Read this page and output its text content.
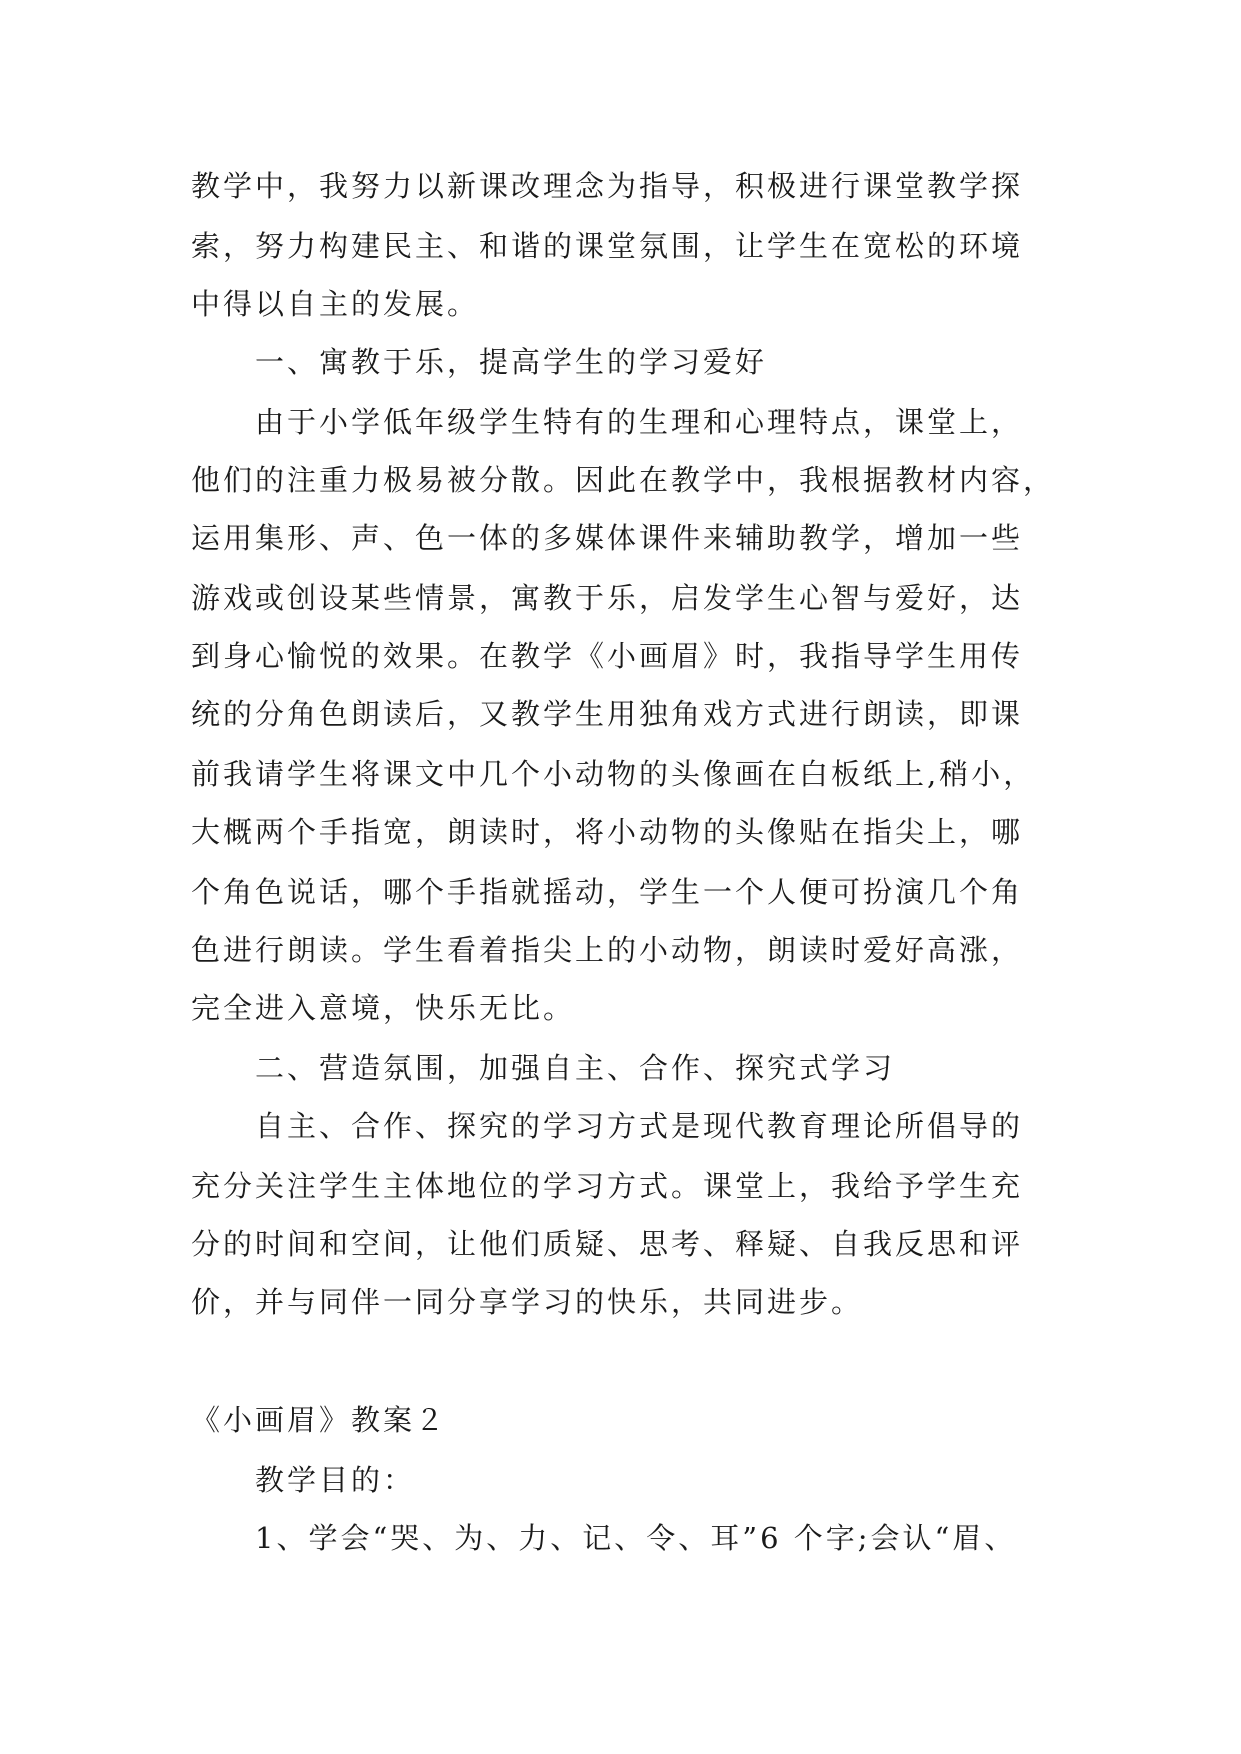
教学中，我努力以新课改理念为指导，积极进行课堂教学探
索，努力构建民主、和谐的课堂氛围，让学生在宽松的环境
中得以自主的发展。
一、寓教于乐，提高学生的学习爱好
由于小学低年级学生特有的生理和心理特点，课堂上，
他们的注重力极易被分散。因此在教学中，我根据教材内容，
运用集形、声、色一体的多媒体课件来辅助教学，增加一些
游戏或创设某些情景，寓教于乐，启发学生心智与爱好，达
到身心愉悦的效果。在教学《小画眉》时，我指导学生用传
统的分角色朗读后，又教学生用独角戏方式进行朗读，即课
前我请学生将课文中几个小动物的头像画在白板纸上,稍小，
大概两个手指宽，朗读时，将小动物的头像贴在指尖上，哪
个角色说话，哪个手指就摇动，学生一个人便可扮演几个角
色进行朗读。学生看着指尖上的小动物，朗读时爱好高涨，
完全进入意境，快乐无比。
二、营造氛围，加强自主、合作、探究式学习
自主、合作、探究的学习方式是现代教育理论所倡导的
充分关注学生主体地位的学习方式。课堂上，我给予学生充
分的时间和空间，让他们质疑、思考、释疑、自我反思和评
价，并与同伴一同分享学习的快乐，共同进步。
《小画眉》教案２
教学目的：
1、学会“哭、为、力、记、令、耳”6 个字;会认“眉、
